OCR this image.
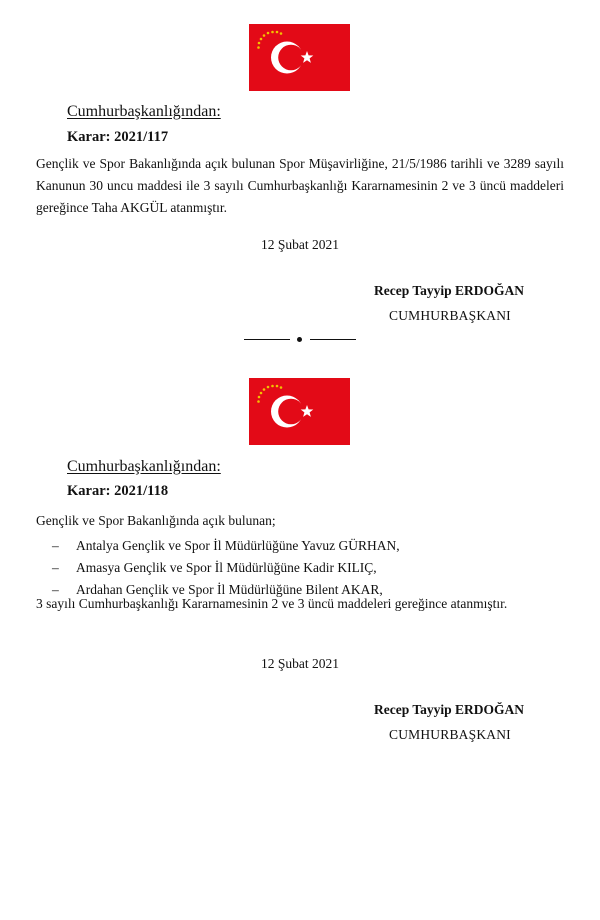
Cumhurbaşkanlığından:
Karar: 2021/117

Gençlik ve Spor Bakanlığında açık bulunan Spor Müşavirliğine, 21/5/1986 tarihli ve 3289 sayılı Kanunun 30 uncu maddesi ile 3 sayılı Cumhurbaşkanlığı Kararnamesinin 2 ve 3 üncü maddeleri gereğince Taha AKGÜL atanmıştır.

12 Şubat 2021
Recep Tayyip ERDOĞAN
CUMHURBAŞKANI
Cumhurbaşkanlığından:
Karar: 2021/118
Gençlik ve Spor Bakanlığında açık bulunan;
– Antalya Gençlik ve Spor İl Müdürlüğüne Yavuz GÜRHAN,
– Amasya Gençlik ve Spor İl Müdürlüğüne Kadir KILIÇ,
– Ardahan Gençlik ve Spor İl Müdürlüğüne Bilent AKAR,
3 sayılı Cumhurbaşkanlığı Kararnamesinin 2 ve 3 üncü maddeleri gereğince atanmıştır.
12 Şubat 2021
Recep Tayyip ERDOĞAN
CUMHURBAŞKANI
